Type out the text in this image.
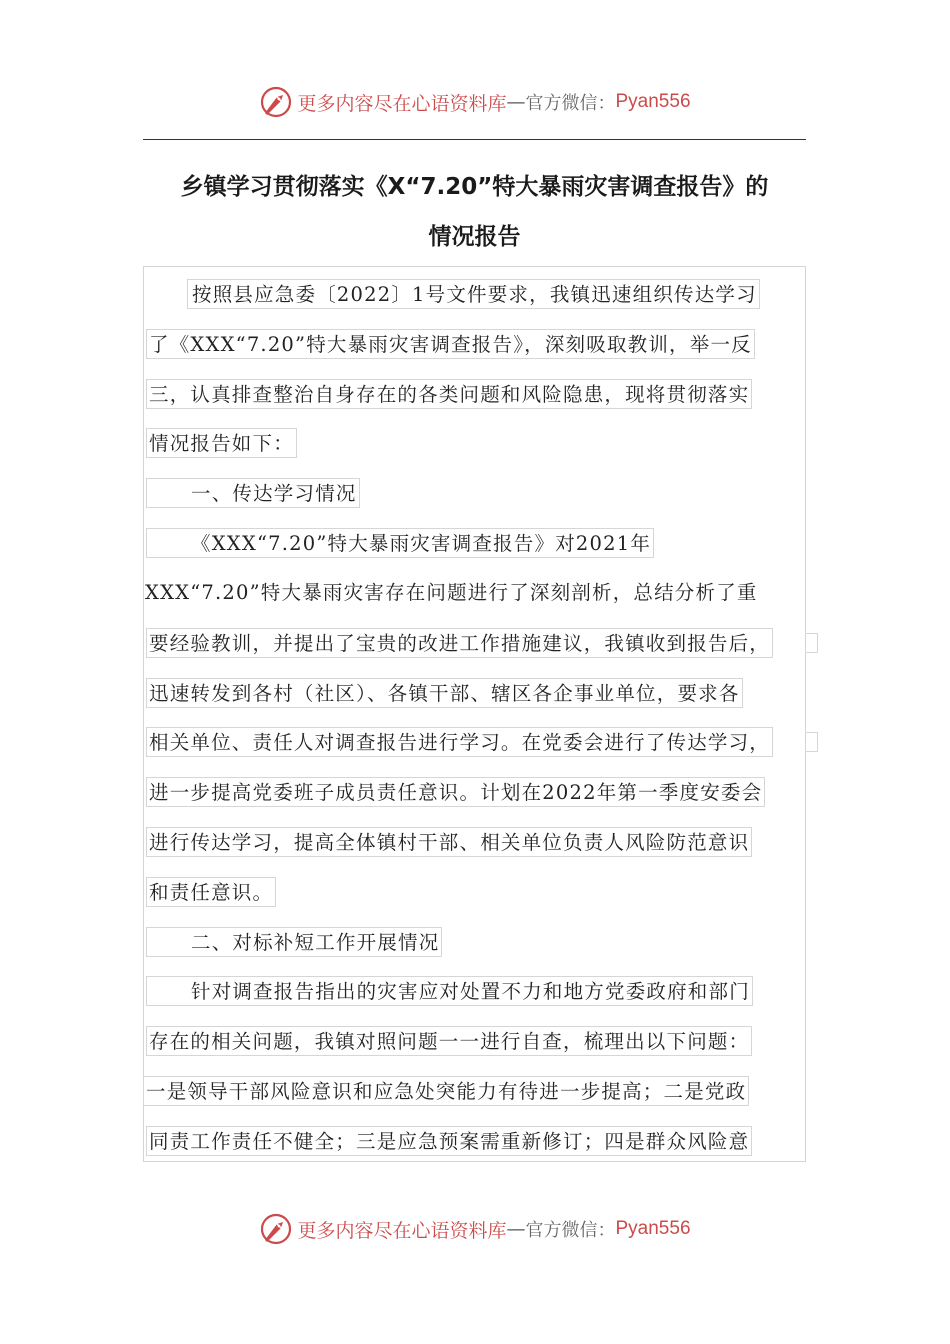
更多内容尽在心语资料库 — 官方微信： Pyan556
乡镇学习贯彻落实《X“7.20”特大暴雨灾害调查报告》的
情况报告
按照县应急委〔2022〕1号文件要求，我镇迅速组织传达学习
了《XXX“7.20”特大暴雨灾害调查报告》，深刻吸取教训，举一反
三，认真排查整治自身存在的各类问题和风险隐患，现将贯彻落实
情况报告如下：
一、传达学习情况
《XXX“7.20”特大暴雨灾害调查报告》对2021年
XXX“7.20”特大暴雨灾害存在问题进行了深刻剖析，总结分析了重
要经验教训，并提出了宝贵的改进工作措施建议，我镇收到报告后，
迅速转发到各村（社区）、各镇干部、辖区各企事业单位，要求各
相关单位、责任人对调查报告进行学习。在党委会进行了传达学习，
进一步提高党委班子成员责任意识。计划在2022年第一季度安委会
进行传达学习，提高全体镇村干部、相关单位负责人风险防范意识
和责任意识。
二、对标补短工作开展情况
针对调查报告指出的灾害应对处置不力和地方党委政府和部门
存在的相关问题，我镇对照问题一一进行自查，梳理出以下问题：
一是领导干部风险意识和应急处突能力有待进一步提高；二是党政
同责工作责任不健全；三是应急预案需重新修订；四是群众风险意
更多内容尽在心语资料库 — 官方微信： Pyan556
